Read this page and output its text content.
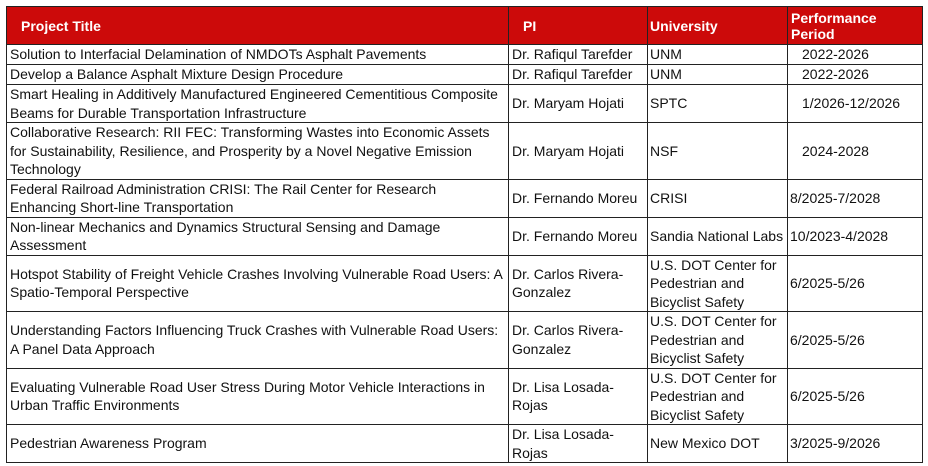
Project Title	PI	University	Performance Period
Solution to Interfacial Delamination of NMDOTs Asphalt Pavements	Dr. Rafiqul Tarefder	UNM	2022-2026
Develop a Balance Asphalt Mixture Design Procedure	Dr. Rafiqul Tarefder	UNM	2022-2026
Smart Healing in Additively Manufactured Engineered Cementitious Composite Beams for Durable Transportation Infrastructure	Dr. Maryam Hojati	SPTC	1/2026-12/2026
Collaborative Research: RII FEC: Transforming Wastes into Economic Assets for Sustainability, Resilience, and Prosperity by a Novel Negative Emission Technology	Dr. Maryam Hojati	NSF	2024-2028
Federal Railroad Administration CRISI: The Rail Center for Research Enhancing Short-line Transportation	Dr. Fernando Moreu	CRISI	8/2025-7/2028
Non-linear Mechanics and Dynamics Structural Sensing and Damage Assessment	Dr. Fernando Moreu	Sandia National Labs	10/2023-4/2028
Hotspot Stability of Freight Vehicle Crashes Involving Vulnerable Road Users: A Spatio-Temporal Perspective	Dr. Carlos Rivera-Gonzalez	U.S. DOT Center for Pedestrian and Bicyclist Safety	6/2025-5/26
Understanding Factors Influencing Truck Crashes with Vulnerable Road Users: A Panel Data Approach	Dr. Carlos Rivera-Gonzalez	U.S. DOT Center for Pedestrian and Bicyclist Safety	6/2025-5/26
Evaluating Vulnerable Road User Stress During Motor Vehicle Interactions in Urban Traffic Environments	Dr. Lisa Losada-Rojas	U.S. DOT Center for Pedestrian and Bicyclist Safety	6/2025-5/26
Pedestrian Awareness Program	Dr. Lisa Losada-Rojas	New Mexico DOT	3/2025-9/2026
